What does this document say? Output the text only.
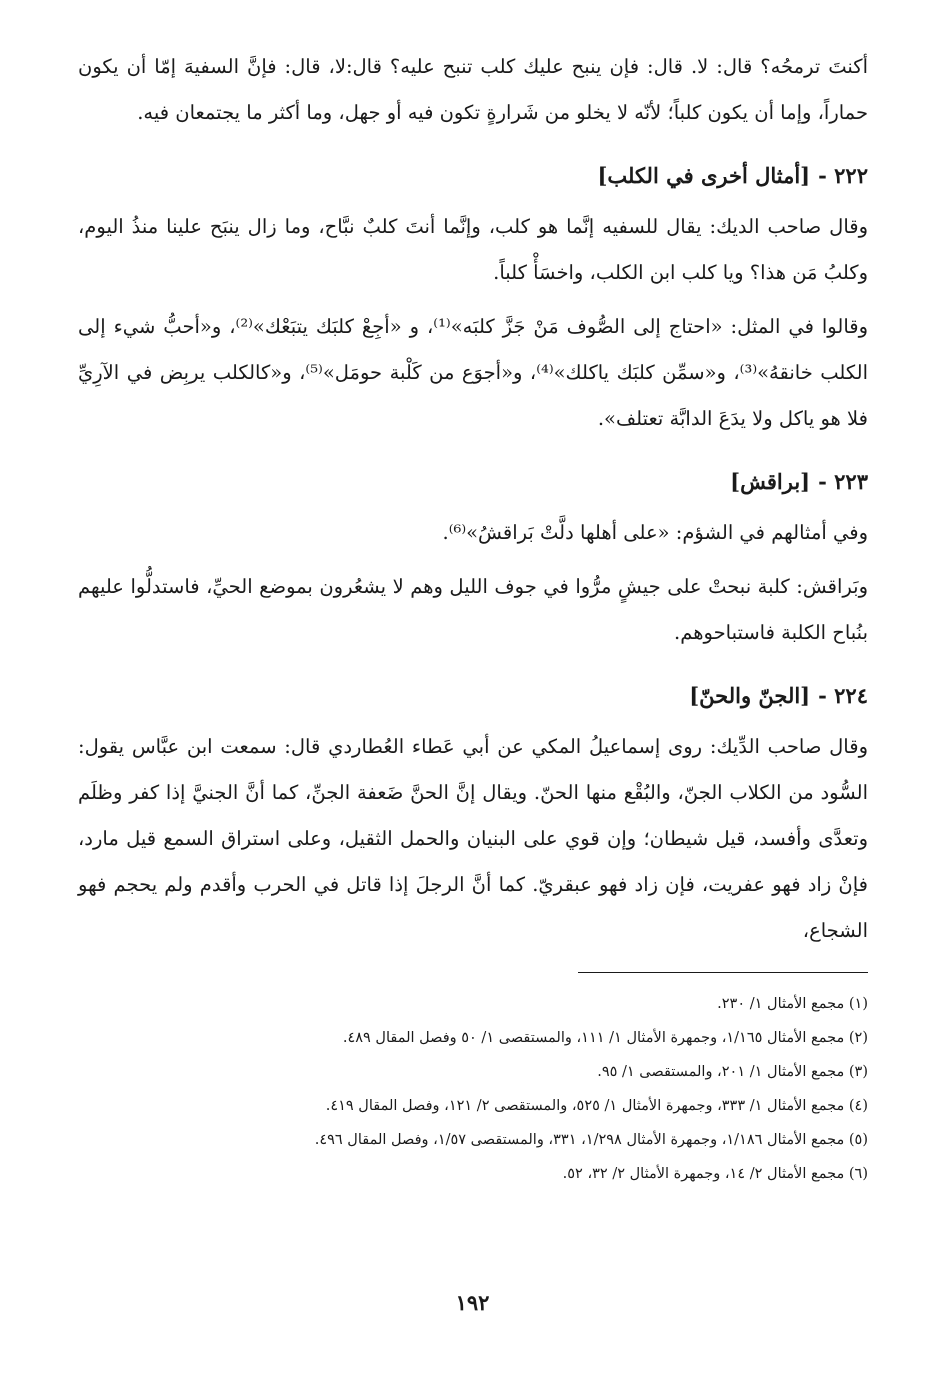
أكنتَ ترمحُه؟ قال: لا. قال: فإن ينبح عليك كلب تنبح عليه؟ قال:لا، قال: فإنَّ السفيهَ إمّا أن يكون حماراً، وإما أن يكون كلباً؛ لأنّه لا يخلو من شَرارةٍ تكون فيه أو جهل، وما أكثر ما يجتمعان فيه.

٢٢٢ -[أمثال أخرى في الكلب]

وقال صاحب الديك: يقال للسفيه إنَّما هو كلب، وإنَّما أنتَ كلبٌ نبَّاح، وما زال ينبَح علينا منذُ اليوم، وكلبُ مَن هذا؟ ويا كلب ابن الكلب، واخسَأْ كلباً.

وقالوا في المثل: «احتاج إلى الصُّوف مَنْ جَزَّ كلبَه»⁽¹⁾، و «أجِعْ كلبَك يتبَعْك»⁽²⁾، و«أحبُّ شيء إلى الكلب خانقهُ»⁽³⁾، و«سمِّن كلبَك ياكلك»⁽⁴⁾، و«أجوَع من كَلْبة حومَل»⁽⁵⁾، و«كالكلب يربِض في الآرِيِّ فلا هو ياكل ولا يدَعَ الدابَّة تعتلف».

٢٢٣ -[براقش]

وفي أمثالهم في الشؤم: «على أهلها دلَّتْ بَراقشُ»⁽⁶⁾.

وبَراقش: كلبة نبحتْ على جيشٍ مرُّوا في جوف الليل وهم لا يشعُرون بموضع الحيِّ، فاستدلُّوا عليهم بنُباح الكلبة فاستباحوهم.

٢٢٤ -[الجنّ والحنّ]

وقال صاحب الدِّيك: روى إسماعيلُ المكي عن أبي عَطاء العُطاردي قال: سمعت ابن عبَّاس يقول: السُّود من الكلاب الجنّ، والبُقْع منها الحنّ. ويقال إنَّ الحنَّ ضَعفة الجنِّ، كما أنَّ الجنيَّ إذا كفر وظلَم وتعدَّى وأفسد، قيل شيطان؛ وإن قوي على البنيان والحمل الثقيل، وعلى استراق السمع قيل مارد، فإنْ زاد فهو عفريت، فإن زاد فهو عبقريّ. كما أنَّ الرجلَ إذا قاتل في الحرب وأقدم ولم يحجم فهو الشجاع،

(١) مجمع الأمثال ١/ ٢٣٠.

(٢) مجمع الأمثال ١/١٦٥، وجمهرة الأمثال ١/ ١١١، والمستقصى ١/ ٥٠ وفصل المقال ٤٨٩.

(٣) مجمع الأمثال ١/ ٢٠١، والمستقصى ١/ ٩٥.

(٤) مجمع الأمثال ١/ ٣٣٣، وجمهرة الأمثال ١/ ٥٢٥، والمستقصى ٢/ ١٢١، وفصل المقال ٤١٩.

(٥) مجمع الأمثال ١/١٨٦، وجمهرة الأمثال ١/٢٩٨، ٣٣١، والمستقصى ١/٥٧، وفصل المقال ٤٩٦.

(٦) مجمع الأمثال ٢/ ١٤، وجمهرة الأمثال ٢/ ٣٢، ٥٢.

١٩٢
